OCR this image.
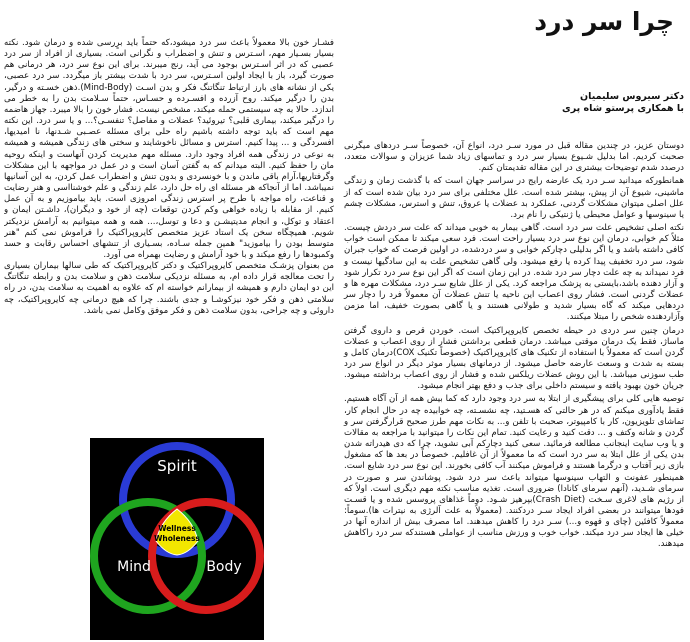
چرا سر درد
دکتر سیروس سلیمیان
با همکاری پرستو شاه پری

دوستان عزیز، در چندین مقاله قبل در مورد سـر درد، انواع آن، خصوصاً سـر دردهای میگرنی صحبت کردیم. اما بدلیل شـیوع بسیار سر درد و تماسهای زیاد شما عزیزان و سوالات متعدد، درصدد شدم توضیحات بیشتری در این مقاله تقدیمتان کنم.

همانطورکه میدانید سـر درد یک عارضه رایج در سراسر جهان است که با گذشت زمان و زندگی ماشینی، شیوع آن از پیش، بیشتر شده است. علل مختلفی برای سر درد بیان شده است که از علل اصلی میتوان مشکلات گردنی، عملکرد بد عضلات یا عروق، تنش و استرس، مشکلات چشم یا سینوسها و عوامل محیطی یا ژنتیکی را نام برد.

نکته اصلی تشخیص علت سر درد است. گاهی بیمار به خوبی میداند که علت سر دردش چیست. مثلاً کم خوابی، درمان این نوع سر درد بسیار راحت است. فرد سعی میکند تا ممکن است خواب کافی داشته باشد و یا اگر بدلیلی دچارکم خوابی و سر دردشده، در اولین فرصت که خواب جبران شود، سر درد تخفیف پیدا کرده یا رفع میشود. ولی گاهی تشخیص علت به این سادگیها نیست و فرد نمیداند به چه علت دچار سر درد شده. در این زمان است که اگر این نوع سر درد تکرار شود و آزار دهنده باشد،بایستی به پزشک مراجعه کرد. یکی از علل شایع سـر درد، مشکلات مهره ها و عضلات گردنی است. فشار روی اعصاب این ناحیه یا تنش عضلات آن معمولاً فرد را دچار سر دردهایی میکند که گاه بسیار شدید و طولانی هستند و یا گاهی بصورت خفیف، اما مزمن وآزاردهنده شخص را مبتلا میکنند.

درمان چنین سر دردی در حیطه تخصص کایروپراکتیک است. خوردن قرص و داروی گرفتن ماساژ، فقط یک درمان موقتی میباشد. درمان قطعی برداشتن فشار از روی اعصاب و عضلات گردن است که معمولاً با استفاده از تکنیک های کایروپراکتیک (خصوصاً تکنیک COX)درمان کامل و بسته به شدت و وسعت عارضه حاصل میشود. از درمانهای بسیار موثر دیگر در انواع سر درد طب سوزنی میباشد. با این روش عضلات ریلکس شده و فشار از روی اعصاب برداشته میشود. جریان خون بهبود یافته و سیستم داخلی برای جذب و دفع بهتر انجام میشود.

توصیه هایی کلی برای پیشگیری از ابتلا به سر درد وجود دارد که کما بیش همه از آن آگاه هستیم. فقط یادآوری میکنم که در هر حالتی که هسـتید، چه نشسـته، چه خوابیده چه در حال انجام کار، تماشای تلویزیون، کار با کامپیوتر، صحبت با تلفن و... به نکات مهم طرز صحیح قرارگرفتن سر و گردن و شانه وکتف و ... دقت کنید و رعایت کنید. تمام این نکات را میتوانید با مراجعه به مقالات و یا وب سایت اینجانب مطالعه فرمائید. سعی کنید دچارکم آبی نشوید، چرا که دی هیدراته شدن بدن یکی از علل ابتلا به سر درد است که ما معمولاً از آن غافلیم. خصوصاً در بعد ها که مشغول بازی زیر آفتاب و درگرما هستند و فراموش میکنند آب کافی بخورند. این نوع سر درد شایع است. همینطور عفونت و التهاب سینوسها میتواند باعث سر درد شود. پوشاندن سر و صورت در سرمای شـدید، (آنهم سرمای کانادا) ضروری است. تغذیه مناسب نکته مهم دیگری است. اولاً که از رژیم های لاغری سـخت (Crash Diet)بپرهیز شـود. دوماً غذاهای پروسس شده و یا قسـت فودها میتوانند در بعضی افراد ایجاد سـر دردکنند. (معمولاً به علت آلرژی به نیترات ها).سوماً: معمولاً کافئین (چای و قهوه و...) سـر درد را کاهش میدهند. اما مصرف بیش از اندازه آنها در خیلی ها ایجاد سر درد میکند. خواب خوب و ورزش مناسب از عواملی هستندکه سر درد راکاهش میدهند.

فشـار خون بالا معمولاً باعث سر درد میشود،که حتماً باید برٍرسی شده و درمان شود. نکته بسیار بسـیار مهم، اسـترس و تنش و اضطراب و نگرانی است. بسیاری از افراد از سر درد عصبی که در اثر اسـترس بوجود می آید، رنج میبرند. برای این نوع سر درد، هر درمانی هم صورت گیرد، باز با ایجاد اولین اسـترس، سر درد با شدت بیشتر باز میگردد. سر درد عصبی، یکی از نشانه های بارز ارتباط تنگاتنگ فکر و بدن اسـت (Mind-Body).ذهن خسـته و درگیر، بدن را درگیر میکند. روح آزرده و افسـرده و حسـاس، حتماً سـلامت بدن را به خطر می اندازد. حالا به چه سیستمی حمله میکند، مشخص نیست. فشار خون را بالا میبرد. جهاز هاضمه را درگیر میکند، بیماری قلبی؟ تیروئید؟ عضلات و مفاصل؟ تنفسـی؟... و یا سر درد. این نکته مهم است که باید توجه داشته باشیم راه حلی برای مسئله عصـبی شـدنها، نا امیدیها، افسردگی و ... پیدا کنیم. استرس و مسائل ناخوشایند و سختی های زندگی همیشه و همیشه به نوعی در زندگی همه افراد وجود دارد. مسئله مهم مدیریت کردن آنهاست و اینکه روحیه مان را حفظ کنیم. البته میدانم که به گفتن آسان است و در عمل در مواجهه با این مشکلات وگرفتاریها،آرام باقی ماندن و با خونسردی و بدون تنش و اضطراب عمل کردن، به این آسانیها نمیباشد. اما از آنجاکه هر مسئله ای راه حل دارد، علم زندگی و علم خوشنااسی و هنر رضایت و قناعت، راه مواجه با طرح پر استرس زندگی امروزی است. باید بیاموزیم و به آن عمل کنیم. از مقابله با زیاده خواهی وکم کردن توقعات (چه از خود و دیگران)، داشـتن ایمان و اعتقاد و توکل، و انجام مدیتیشـن و دعا و توسل،... همه و همه میتوانیم به آرامش نزدیکتر شویم. همیچگاه سخن یک استاد عزیز متخصص کایروپراکتیک را فراموش نمی کنم "هنر متوسط بودن را بیاموزید" همین جمله سـاده، بسـیاری از تنشهای احساس رقابت و حسد وکمبودها را رفع میکند و با خود آرامش و رضایت بهمراه می آورد.

من بعنوان پزشـک متخصص کایروپراکتیک و دکتر کایروپراکتیک که طی سالها بیماران بسیاری را تحت معالجه قرار داده ام، به مسئله نزدیکی سلامت ذهن و سلامت بدن و رابطه تنگاتنگ این دو ایمان دارم و همیشه از بیمارانم خواسته ام که علاوه به اهمیت به سلامت بدن، در راه سلامتی ذهن و فکر خود نیزکوشـا و جدی باشند. چرا که هیچ درمانی چه کایروپراکتیک، چه داروئی و چه جراحی، بدون سلامت ذهن و فکر موفق وکامل نمی باشد.

Spirit
Mind	Body
Wellness
Wholeness
